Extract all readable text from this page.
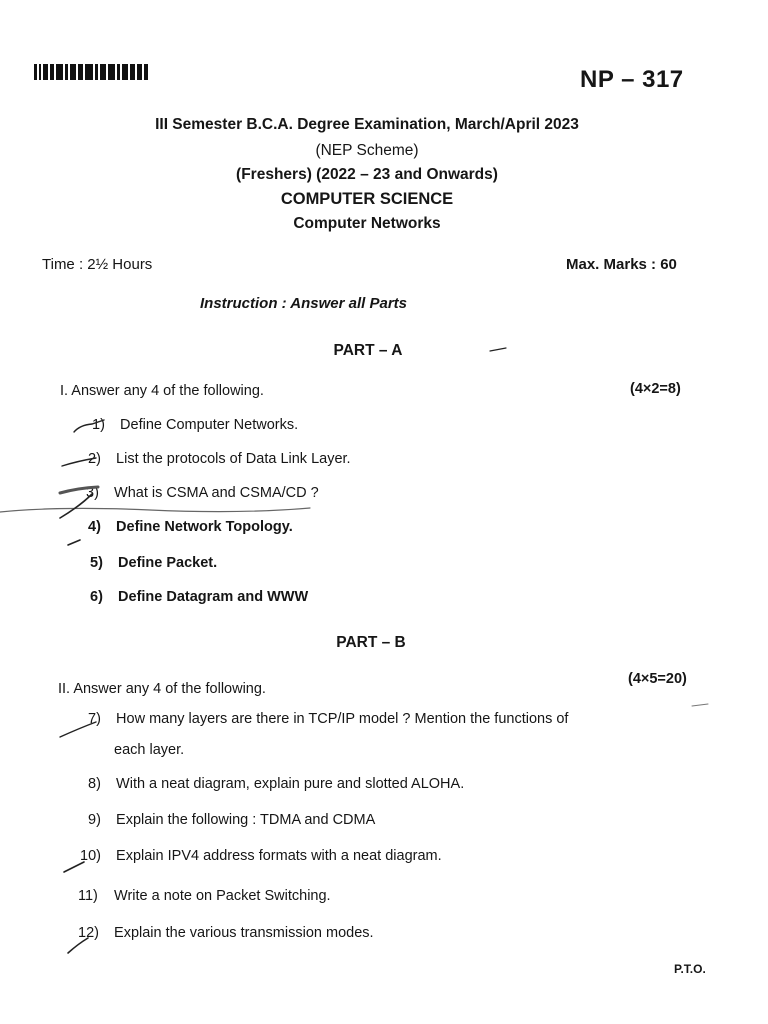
NP – 317
III Semester B.C.A. Degree Examination, March/April 2023
(NEP Scheme)
(Freshers) (2022 – 23 and Onwards)
COMPUTER SCIENCE
Computer Networks
Time : 2½ Hours	Max. Marks : 60
Instruction : Answer all Parts
PART – A
I. Answer any 4 of the following.	(4×2=8)
1) Define Computer Networks.
2) List the protocols of Data Link Layer.
3) What is CSMA and CSMA/CD ?
4) Define Network Topology.
5) Define Packet.
6) Define Datagram and WWW
PART – B
II. Answer any 4 of the following.
(4×5=20)
7) How many layers are there in TCP/IP model ? Mention the functions of
each layer.
8) With a neat diagram, explain pure and slotted ALOHA.
9) Explain the following : TDMA and CDMA
10) Explain IPV4 address formats with a neat diagram.
11) Write a note on Packet Switching.
12) Explain the various transmission modes.
P.T.O.
